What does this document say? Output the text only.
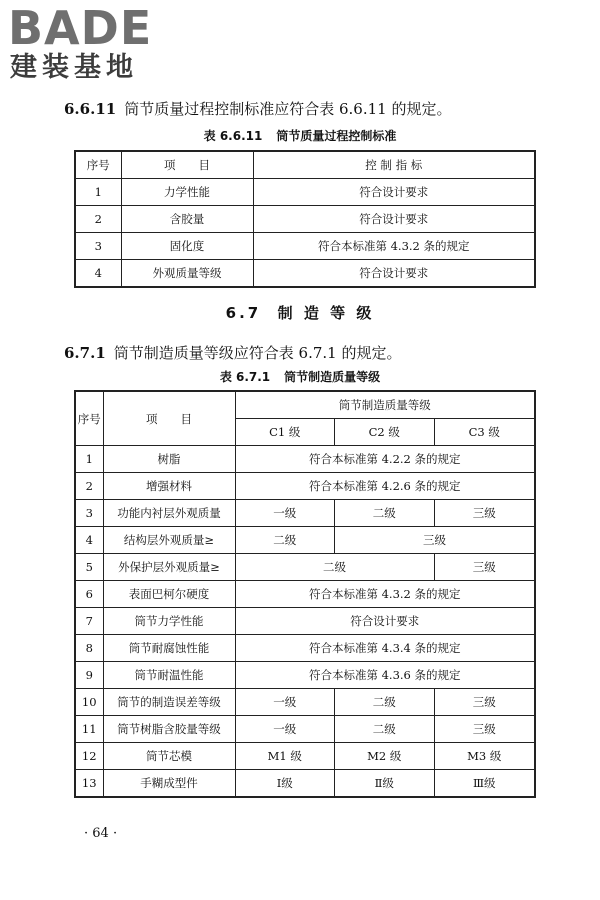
BADE
建装基地
6.6.11 筒节质量过程控制标准应符合表 6.6.11 的规定。
表 6.6.11 筒节质量过程控制标准
序号	项　　目	控 制 指 标
1	力学性能	符合设计要求
2	含胶量	符合设计要求
3	固化度	符合本标准第 4.3.2 条的规定
4	外观质量等级	符合设计要求
6.7 制 造 等 级
6.7.1 筒节制造质量等级应符合表 6.7.1 的规定。
表 6.7.1 筒节制造质量等级
序号	项　　目	筒节制造质量等级		
		C1 级	C2 级	C3 级
1	树脂	符合本标准第 4.2.2 条的规定		
2	增强材料	符合本标准第 4.2.6 条的规定		
3	功能内衬层外观质量	一级	二级	三级
4	结构层外观质量≥	二级	三级	
5	外保护层外观质量≥	二级		三级
6	表面巴柯尔硬度	符合本标准第 4.3.2 条的规定		
7	筒节力学性能	符合设计要求		
8	筒节耐腐蚀性能	符合本标准第 4.3.4 条的规定		
9	筒节耐温性能	符合本标准第 4.3.6 条的规定		
10	筒节的制造误差等级	一级	二级	三级
11	筒节树脂含胶量等级	一级	二级	三级
12	筒节芯模	M1 级	M2 级	M3 级
13	手糊成型件	Ⅰ级	Ⅱ级	Ⅲ级
· 64 ·
